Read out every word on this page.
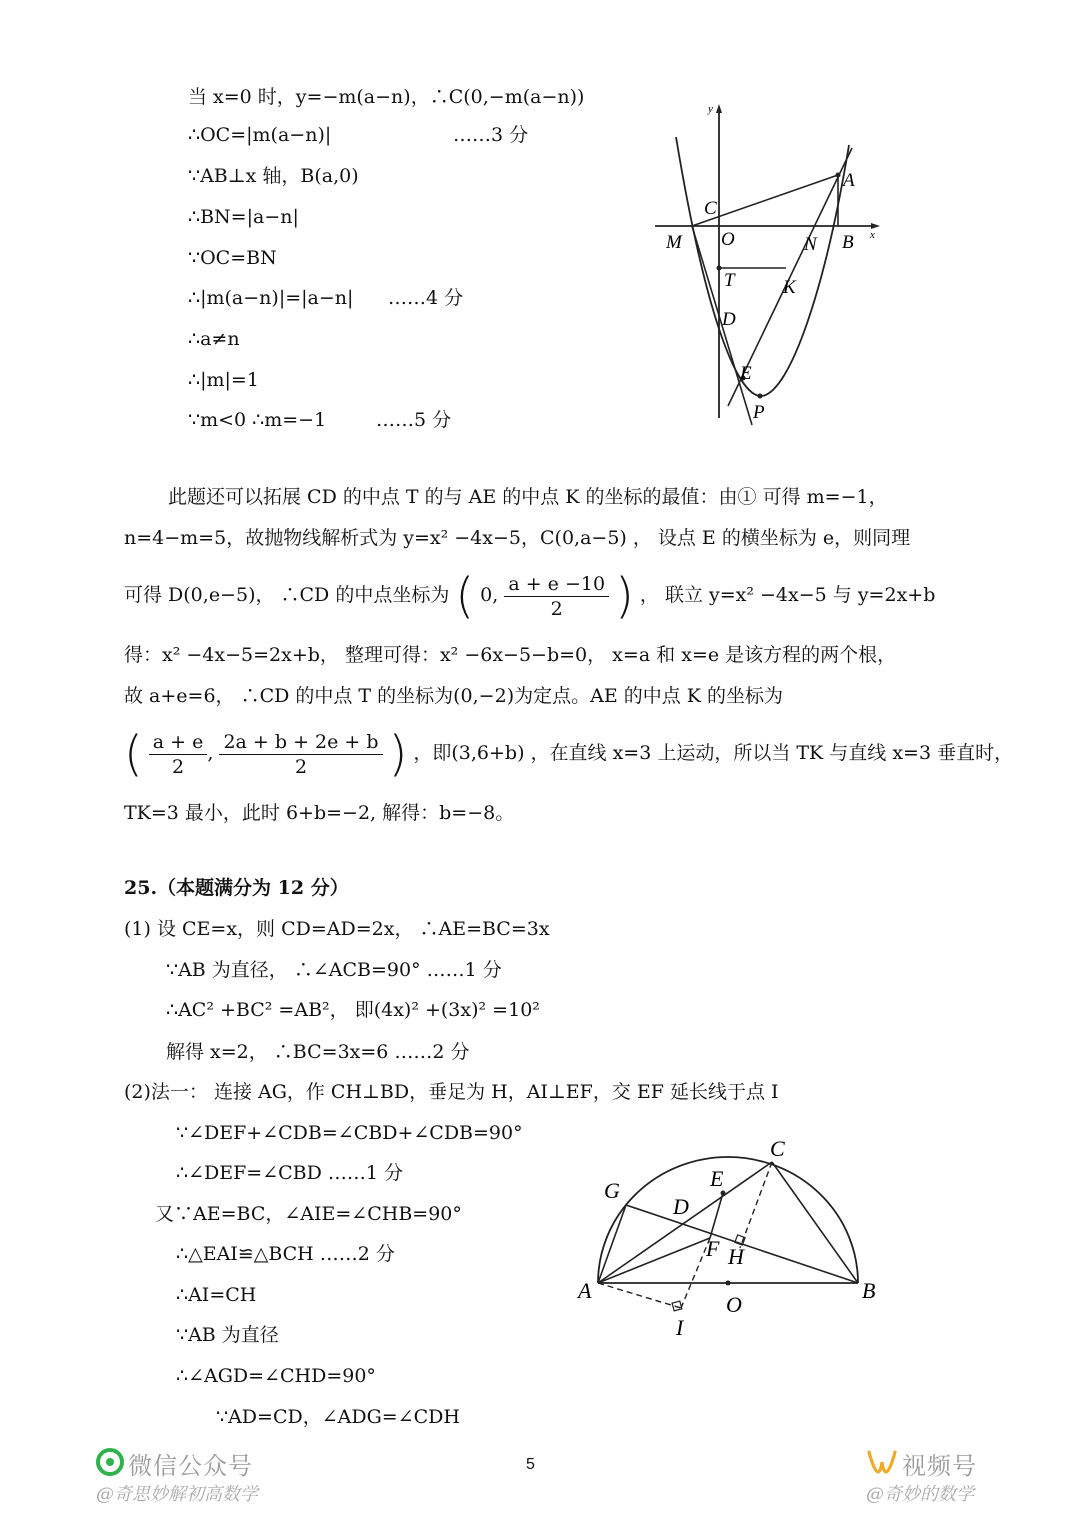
当 x=0 时，y=−m(a−n)，∴C(0,−m(a−n))
∴OC=|m(a−n)|	……3 分
∵AB⊥x 轴，B(a,0)
∴BN=|a−n|
∵OC=BN
∴|m(a−n)|=|a−n| ……4 分
∴a≠n
∴|m|=1
∵m<0 ∴m=−1	……5 分
y
x
A
C
M O	N B
T	K
D
E
P
此题还可以拓展 CD 的中点 T 的与 AE 的中点 K 的坐标的最值：由① 可得 m=−1，
n=4−m=5，故抛物线解析式为 y=x² −4x−5，C(0,a−5) ， 设点 E 的横坐标为 e，则同理
可得 D(0,e−5)， ∴CD 的中点坐标为 ( 0, $\frac{a + e -10}{2}$ ) ， 联立 y=x² −4x−5 与 y=2x+b
得：x² −4x−5=2x+b， 整理可得：x² −6x−5−b=0， x=a 和 x=e 是该方程的两个根，
故 a+e=6， ∴CD 的中点 T 的坐标为(0,−2)为定点。AE 的中点 K 的坐标为
( $\frac{a + e}{2}$ , $\frac{2a + b + 2e + b}{2}$ ) ，即(3,6+b) ，在直线 x=3 上运动，所以当 TK 与直线 x=3 垂直时，
TK=3 最小，此时 6+b=−2, 解得：b=−8。
25.（本题满分为 12 分）
(1) 设 CE=x，则 CD=AD=2x， ∴AE=BC=3x
∵AB 为直径， ∴∠ACB=90° ……1 分
∴AC² +BC² =AB²， 即(4x)² +(3x)² =10²
解得 x=2， ∴BC=3x=6 ……2 分
(2)法一： 连接 AG，作 CH⊥BD，垂足为 H，AI⊥EF，交 EF 延长线于点 I
∵∠DEF+∠CDB=∠CBD+∠CDB=90°
∴∠DEF=∠CBD ……1 分
又∵AE=BC，∠AIE=∠CHB=90°
∴△EAI≌△BCH ……2 分
∴AI=CH
∵AB 为直径
∴∠AGD=∠CHD=90°
∵AD=CD，∠ADG=∠CDH
C
E
G
D
F H
A
O
B
I
微信公众号
@奇思妙解初高数学
5	视频号
@奇妙的数学
